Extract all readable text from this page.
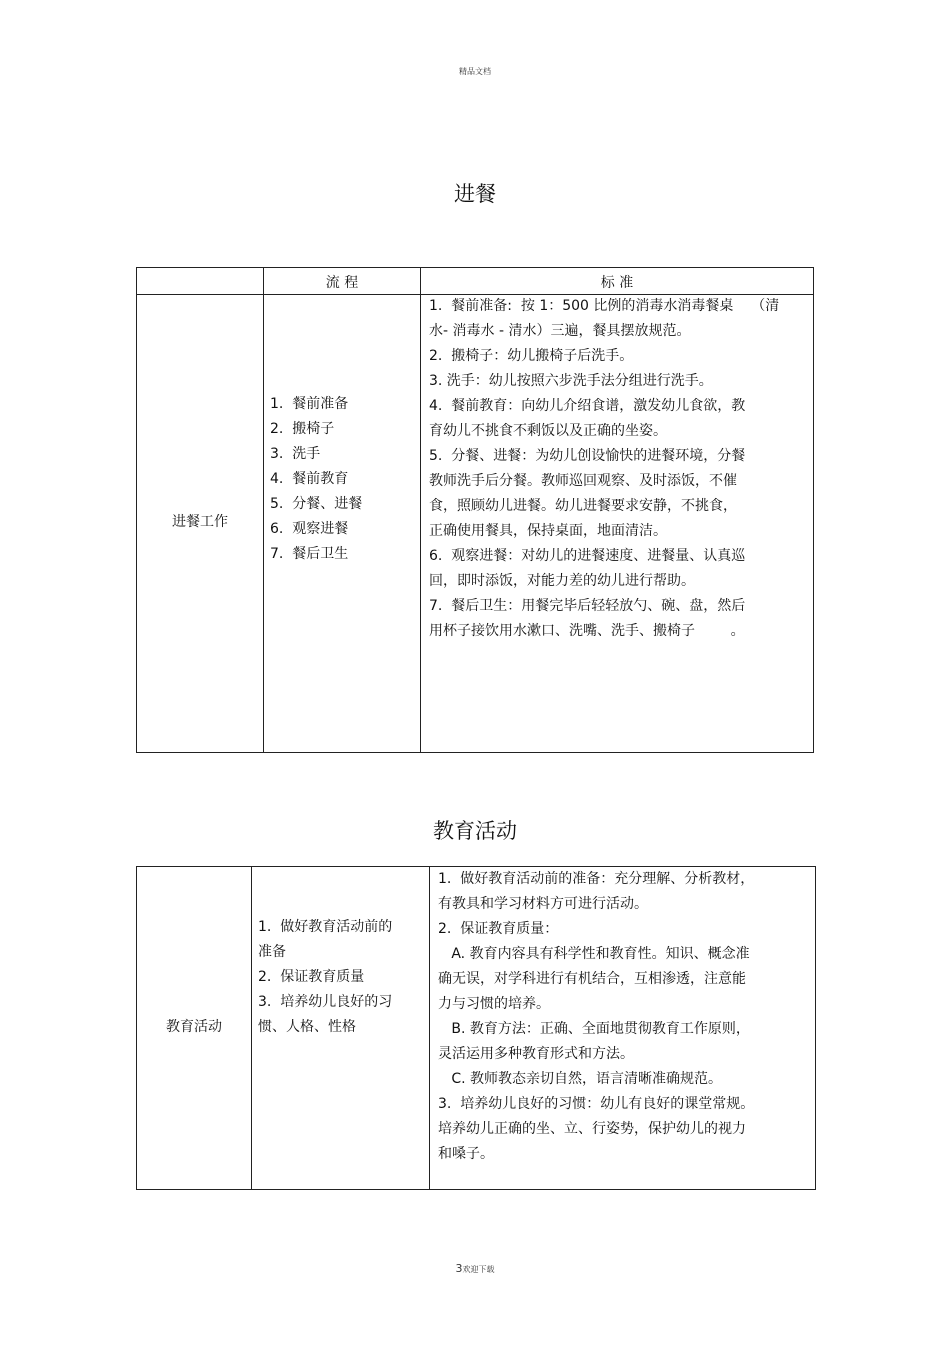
精品文档
进餐
流 程	标 准
进餐工作
1.  餐前准备
2.  搬椅子
3.  洗手
4.  餐前教育
5.  分餐、进餐
6.  观察进餐
7.  餐后卫生
1.  餐前准备:  按 1：500 比例的消毒水消毒餐桌    （清
水- 消毒水 - 清水）三遍，餐具摆放规范。
2.  搬椅子：幼儿搬椅子后洗手。
3. 洗手：幼儿按照六步洗手法分组进行洗手。
4.  餐前教育：向幼儿介绍食谱，激发幼儿食欲，教
育幼儿不挑食不剩饭以及正确的坐姿。
5.  分餐、进餐：为幼儿创设愉快的进餐环境，分餐
教师洗手后分餐。教师巡回观察、及时添饭，不催
食，照顾幼儿进餐。幼儿进餐要求安静，不挑食，
正确使用餐具，保持桌面，地面清洁。
6.  观察进餐：对幼儿的进餐速度、进餐量、认真巡
回，即时添饭，对能力差的幼儿进行帮助。
7.  餐后卫生：用餐完毕后轻轻放勺、碗、盘，然后
用杯子接饮用水漱口、洗嘴、洗手、搬椅子        。
教育活动
教育活动
1.  做好教育活动前的
准备
2.  保证教育质量
3.  培养幼儿良好的习
惯、人格、性格
1.  做好教育活动前的准备：充分理解、分析教材，
有教具和学习材料方可进行活动。
2.  保证教育质量：
A. 教育内容具有科学性和教育性。知识、概念准
确无误，对学科进行有机结合，互相渗透，注意能
力与习惯的培养。
B. 教育方法：正确、全面地贯彻教育工作原则，
灵活运用多种教育形式和方法。
C. 教师教态亲切自然，语言清晰准确规范。
3.  培养幼儿良好的习惯：幼儿有良好的课堂常规。
培养幼儿正确的坐、立、行姿势，保护幼儿的视力
和嗓子。
3欢迎下载
